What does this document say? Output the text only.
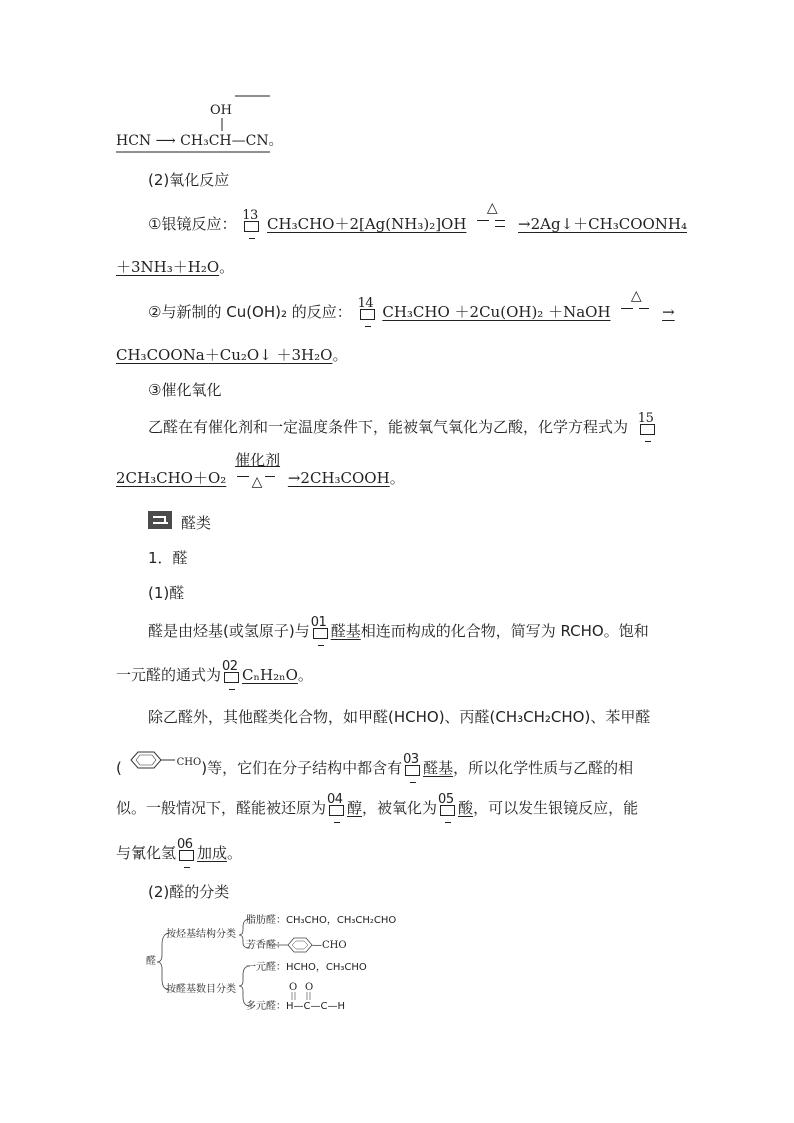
OH
HCN ⟶ CH₃CH—CN。
(2)氧化反应
①银镜反应： 13 CH₃CHO＋2[Ag(NH₃)₂]OH
△
→2Ag↓＋CH₃COONH₄
＋3NH₃＋H₂O。
②与新制的 Cu(OH)₂ 的反应： 14 CH₃CHO ＋2Cu(OH)₂ ＋NaOH
△
→
CH₃COONa＋Cu₂O↓ ＋3H₂O。
③催化氧化
乙醛在有催化剂和一定温度条件下，能被氧气氧化为乙酸，化学方程式为 15
2CH₃CHO＋O₂
催化剂
△	→2CH₃COOH。
醛类
1．醛
(1)醛
醛是由烃基(或氢原子)与 01 醛基相连而构成的化合物，简写为 RCHO。饱和
一元醛的通式为 02 CₙH₂ₙO。
除乙醛外，其他醛类化合物，如甲醛(HCHO)、丙醛(CH₃CH₂CHO)、苯甲醛
(	$^{CHO}$)等，它们在分子结构中都含有 03 醛基，所以化学性质与乙醛的相
似。一般情况下，醛能被还原为 04 醇，被氧化为 05 酸，可以发生银镜反应，能
与氰化氢 06 加成。
(2)醛的分类
醛
按烃基结构分类
按醛基数目分类
脂肪醛：CH₃CHO，CH₃CH₂CHO
芳香醛：	—CHO
一元醛：HCHO，CH₃CHO
O O
多元醛：H—C—C—H
